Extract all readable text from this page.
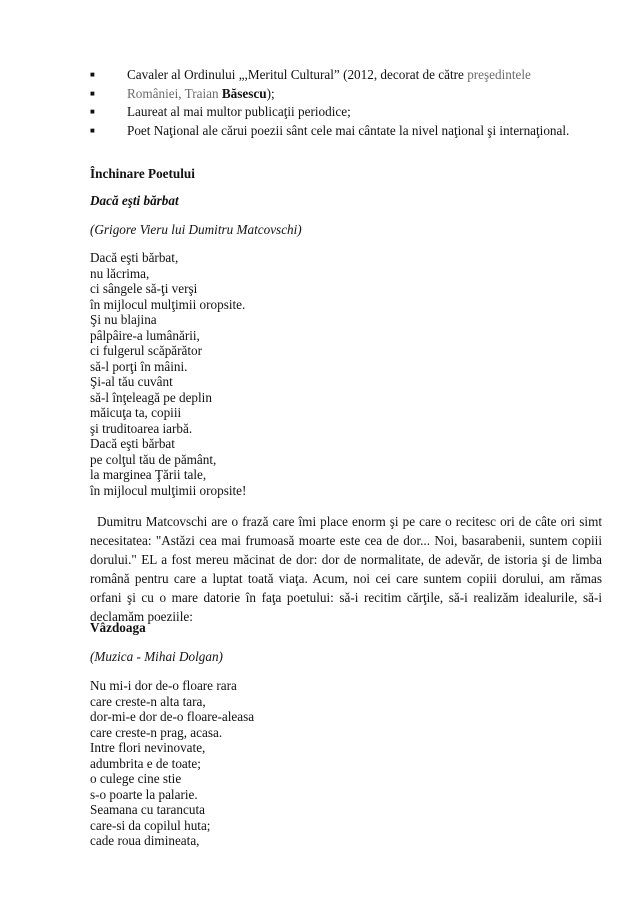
■ Cavaler al Ordinului „,Meritul Cultural” (2012, decorat de către preşedintele
■ României, Traian Băsescu);
■ Laureat al mai multor publicaţii periodice;
■ Poet Naţional ale cărui poezii sânt cele mai cântate la nivel naţional şi internaţional.
Închinare Poetului
Dacă eşti bărbat
(Grigore Vieru lui Dumitru Matcovschi)
Dacă eşti bărbat,
nu lăcrima,
ci sângele să-ţi verşi
în mijlocul mulţimii oropsite.
Şi nu blajina
pâlpâire-a lumânării,
ci fulgerul scăpărător
să-l porţi în mâini.
Şi-al tău cuvânt
să-l înţeleagă pe deplin
măicuţa ta, copiii
şi truditoarea iarbă.
Dacă eşti bărbat
pe colţul tău de pământ,
la marginea Ţării tale,
în mijlocul mulţimii oropsite!
Dumitru Matcovschi are o frază care îmi place enorm şi pe care o recitesc ori de câte ori simt necesitatea: "Astăzi cea mai frumoasă moarte este cea de dor... Noi, basarabenii, suntem copiii dorului." EL a fost mereu măcinat de dor: dor de normalitate, de adevăr, de istoria şi de limba română pentru care a luptat toată viaţa. Acum, noi cei care suntem copiii dorului, am rămas orfani şi cu o mare datorie în faţa poetului: să-i recitim cărţile, să-i realizăm idealurile, să-i declamăm poeziile:
Vâzdoaga
(Muzica - Mihai Dolgan)
Nu mi-i dor de-o floare rara
care creste-n alta tara,
dor-mi-e dor de-o floare-aleasa
care creste-n prag, acasa.
Intre flori nevinovate,
adumbrita e de toate;
o culege cine stie
s-o poarte la palarie.
Seamana cu tarancuta
care-si da copilul huta;
cade roua dimineata,
